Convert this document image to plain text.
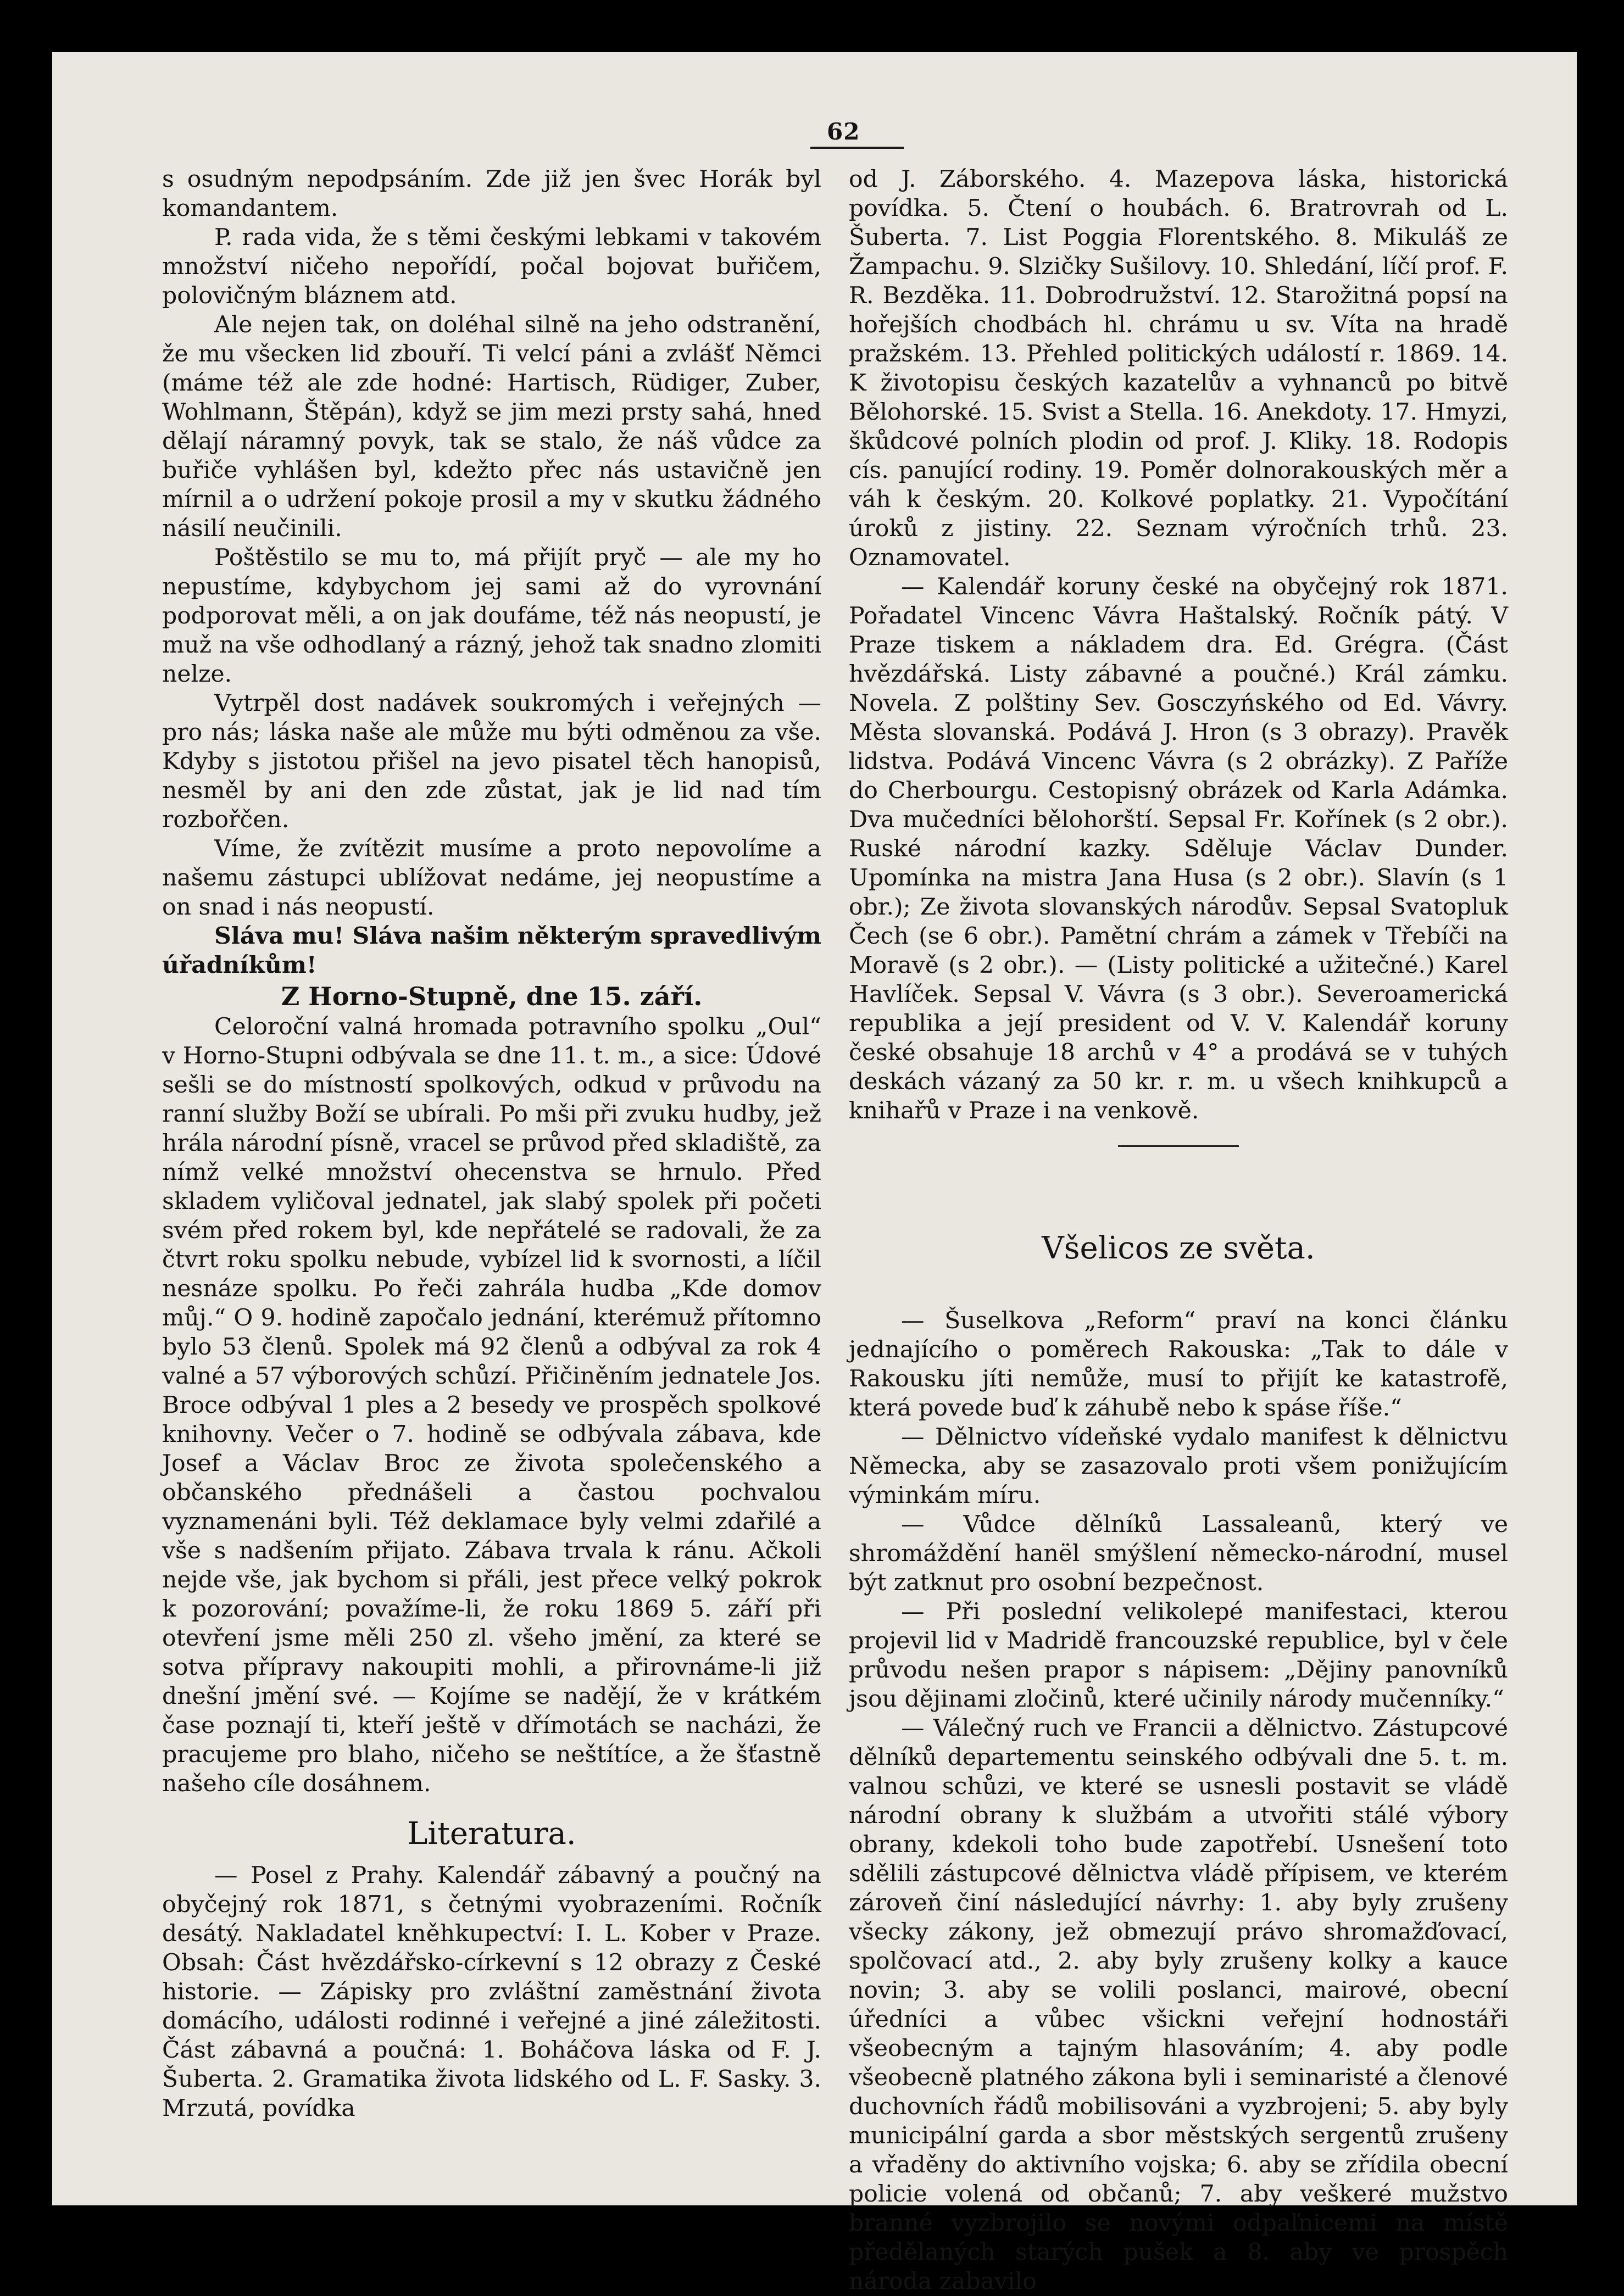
62

s osudným nepodpsáním. Zde již jen švec Horák byl komandantem.

P. rada vida, že s těmi českými lebkami v takovém množství ničeho nepořídí, počal bojovat buřičem, polovičným bláznem atd.

Ale nejen tak, on doléhal silně na jeho odstranění, že mu všecken lid zbouří. Ti velcí páni a zvlášť Němci (máme též ale zde hodné: Hartisch, Rüdiger, Zuber, Wohlmann, Štěpán), když se jim mezi prsty sahá, hned dělají náramný povyk, tak se stalo, že náš vůdce za buřiče vyhlášen byl, kdežto přec nás ustavičně jen mírnil a o udržení pokoje prosil a my v skutku žádného násilí neučinili.

Poštěstilo se mu to, má přijít pryč — ale my ho nepustíme, kdybychom jej sami až do vyrovnání podporovat měli, a on jak doufáme, též nás neopustí, je muž na vše odhodlaný a rázný, jehož tak snadno zlomiti nelze.

Vytrpěl dost nadávek soukromých i veřejných — pro nás; láska naše ale může mu býti odměnou za vše. Kdyby s jistotou přišel na jevo pisatel těch hanopisů, nesměl by ani den zde zůstat, jak je lid nad tím rozbořčen.

Víme, že zvítězit musíme a proto nepovolíme a našemu zástupci ublížovat nedáme, jej neopustíme a on snad i nás neopustí.

Sláva mu! Sláva našim některým spravedlivým úřadníkům!

Z Horno-Stupně, dne 15. září.

Celoroční valná hromada potravního spolku „Oul“ v Horno-Stupni odbývala se dne 11. t. m., a sice: Údové sešli se do místností spolkových, odkud v průvodu na ranní služby Boží se ubírali. Po mši při zvuku hudby, jež hrála národní písně, vracel se průvod před skladiště, za nímž velké množství ohecenstva se hrnulo. Před skladem vyličoval jednatel, jak slabý spolek při početi svém před rokem byl, kde nepřátelé se radovali, že za čtvrt roku spolku nebude, vybízel lid k svornosti, a líčil nesnáze spolku. Po řeči zahrála hudba „Kde domov můj.“ O 9. hodině započalo jednání, kterémuž přítomno bylo 53 členů. Spolek má 92 členů a odbýval za rok 4 valné a 57 výborových schůzí. Přičiněním jednatele Jos. Broce odbýval 1 ples a 2 besedy ve prospěch spolkové knihovny. Večer o 7. hodině se odbývala zábava, kde Josef a Václav Broc ze života společenského a občanského přednášeli a častou pochvalou vyznamenáni byli. Též deklamace byly velmi zdařilé a vše s nadšením přijato. Zábava trvala k ránu. Ačkoli nejde vše, jak bychom si přáli, jest přece velký pokrok k pozorování; považíme-li, že roku 1869 5. září při otevření jsme měli 250 zl. všeho jmění, za které se sotva přípravy nakoupiti mohli, a přirovnáme-li již dnešní jmění své. — Kojíme se nadějí, že v krátkém čase poznají ti, kteří ještě v dřímotách se nacházi, že pracujeme pro blaho, ničeho se neštítíce, a že šťastně našeho cíle dosáhnem.

Literatura.

— Posel z Prahy. Kalendář zábavný a poučný na obyčejný rok 1871, s četnými vyobrazeními. Ročník desátý. Nakladatel kněhkupectví: I. L. Kober v Praze. Obsah: Část hvězdářsko-církevní s 12 obrazy z České historie. — Zápisky pro zvláštní zaměstnání života domácího, události rodinné i veřejné a jiné záležitosti. Část zábavná a poučná: 1. Boháčova láska od F. J. Šuberta. 2. Gramatika života lidského od L. F. Sasky. 3. Mrzutá, povídka

od J. Záborského. 4. Mazepova láska, historická povídka. 5. Čtení o houbách. 6. Bratrovrah od L. Šuberta. 7. List Poggia Florentského. 8. Mikuláš ze Žampachu. 9. Slzičky Sušilovy. 10. Shledání, líčí prof. F. R. Bezděka. 11. Dobrodružství. 12. Starožitná popsí na hořejších chodbách hl. chrámu u sv. Víta na hradě pražském. 13. Přehled politických událostí r. 1869. 14. K životopisu českých kazatelův a vyhnanců po bitvě Bělohorské. 15. Svist a Stella. 16. Anekdoty. 17. Hmyzi, škůdcové polních plodin od prof. J. Kliky. 18. Rodopis cís. panující rodiny. 19. Poměr dolnorakouských měr a váh k českým. 20. Kolkové poplatky. 21. Vypočítání úroků z jistiny. 22. Seznam výročních trhů. 23. Oznamovatel.

— Kalendář koruny české na obyčejný rok 1871. Pořadatel Vincenc Vávra Haštalský. Ročník pátý. V Praze tiskem a nákladem dra. Ed. Grégra. (Část hvězdářská. Listy zábavné a poučné.) Král zámku. Novela. Z polštiny Sev. Gosczyńského od Ed. Vávry. Města slovanská. Podává J. Hron (s 3 obrazy). Pravěk lidstva. Podává Vincenc Vávra (s 2 obrázky). Z Paříže do Cherbourgu. Cestopisný obrázek od Karla Adámka. Dva mučedníci bělohorští. Sepsal Fr. Kořínek (s 2 obr.). Ruské národní kazky. Sděluje Václav Dunder. Upomínka na mistra Jana Husa (s 2 obr.). Slavín (s 1 obr.); Ze života slovanských národův. Sepsal Svatopluk Čech (se 6 obr.). Pamětní chrám a zámek v Třebíči na Moravě (s 2 obr.). — (Listy politické a užitečné.) Karel Havlíček. Sepsal V. Vávra (s 3 obr.). Severoamerická republika a její president od V. V. Kalendář koruny české obsahuje 18 archů v 4° a prodává se v tuhých deskách vázaný za 50 kr. r. m. u všech knihkupců a knihařů v Praze i na venkově.

Všelicos ze světa.

— Šuselkova „Reform“ praví na konci článku jednajícího o poměrech Rakouska: „Tak to dále v Rakousku jíti nemůže, musí to přijít ke katastrofě, která povede buď k záhubě nebo k spáse říše.“

— Dělnictvo vídeňské vydalo manifest k dělnictvu Německa, aby se zasazovalo proti všem ponižujícím výminkám míru.

— Vůdce dělníků Lassaleanů, který ve shromáždění hanël smýšlení německo-národní, musel být zatknut pro osobní bezpečnost.

— Při poslední velikolepé manifestaci, kterou projevil lid v Madridě francouzské republice, byl v čele průvodu nešen prapor s nápisem: „Dějiny panovníků jsou dějinami zločinů, které učinily národy mučenníky.“

— Válečný ruch ve Francii a dělnictvo. Zástupcové dělníků departementu seinského odbývali dne 5. t. m. valnou schůzi, ve které se usnesli postavit se vládě národní obrany k službám a utvořiti stálé výbory obrany, kdekoli toho bude zapotřebí. Usnešení toto sdělili zástupcové dělnictva vládě přípisem, ve kterém zároveň činí následující návrhy: 1. aby byly zrušeny všecky zákony, jež obmezují právo shromažďovací, spolčovací atd., 2. aby byly zrušeny kolky a kauce novin; 3. aby se volili poslanci, mairové, obecní úředníci a vůbec všickni veřejní hodnostáři všeobecným a tajným hlasováním; 4. aby podle všeobecně platného zákona byli i seminaristé a členové duchovních řádů mobilisováni a vyzbrojeni; 5. aby byly municipální garda a sbor městských sergentů zrušeny a vřaděny do aktivního vojska; 6. aby se zřídila obecní policie volená od občanů; 7. aby veškeré mužstvo branné vyzbrojilo se novými odpaľnicemi na místě předělaných starých pušek a 8. aby ve prospěch národa zabavilo
